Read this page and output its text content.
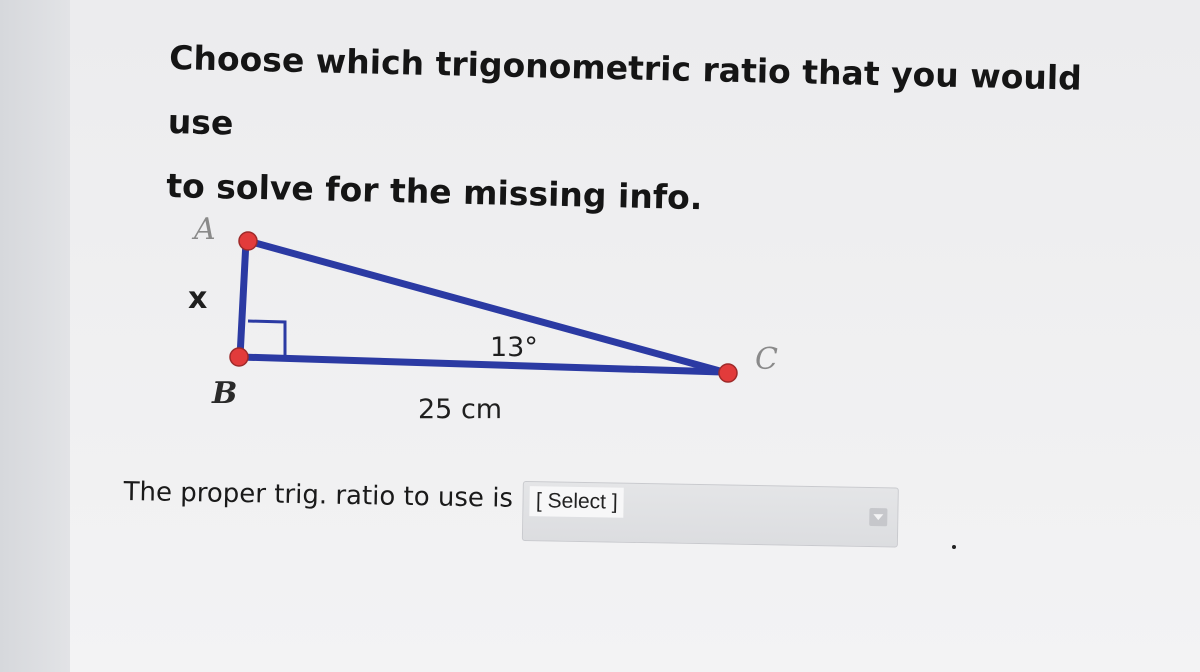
Choose which trigonometric ratio that you would use
to solve for the missing info.
A
B
C
x
13°
25 cm
The proper trig. ratio to use is [ Select ]
